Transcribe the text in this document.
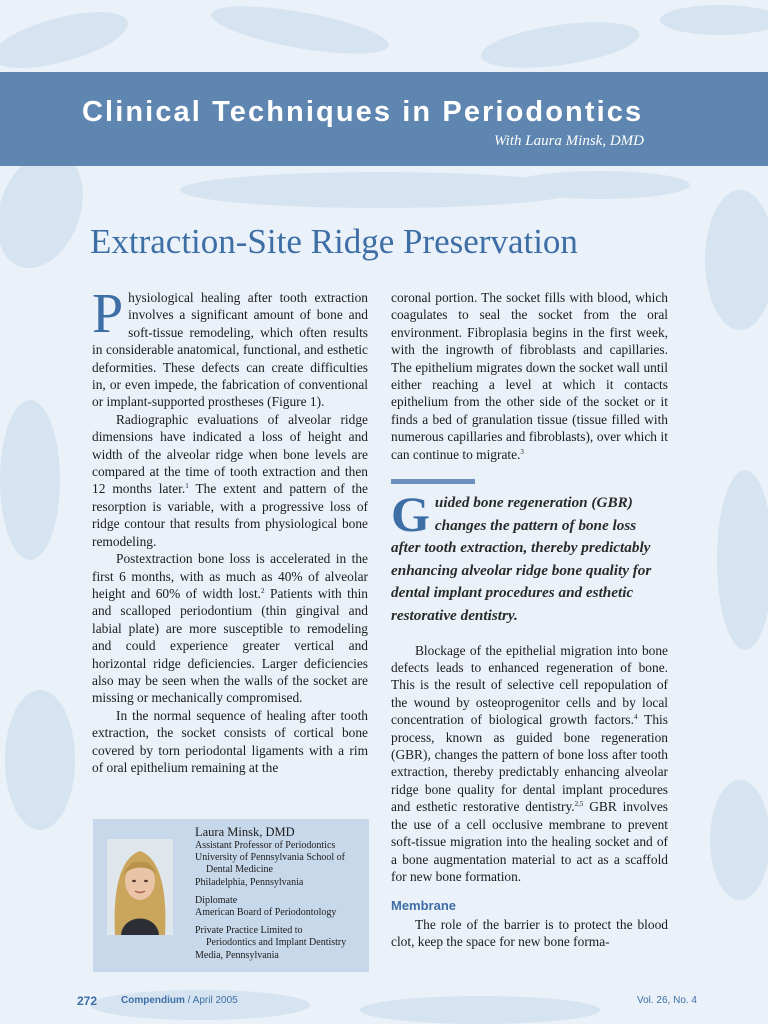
Clinical Techniques in Periodontics
With Laura Minsk, DMD
Extraction-Site Ridge Preservation

Physiological healing after tooth extraction involves a significant amount of bone and soft-tissue remodeling, which often results in considerable anatomical, functional, and esthetic deformities. These defects can create difficulties in, or even impede, the fabrication of conventional or implant-supported prostheses (Figure 1).

Radiographic evaluations of alveolar ridge dimensions have indicated a loss of height and width of the alveolar ridge when bone levels are compared at the time of tooth extraction and then 12 months later.$^1$ The extent and pattern of the resorption is variable, with a progressive loss of ridge contour that results from physiological bone remodeling.

Postextraction bone loss is accelerated in the first 6 months, with as much as 40% of alveolar height and 60% of width lost.$^2$ Patients with thin and scalloped periodontium (thin gingival and labial plate) are more susceptible to remodeling and could experience greater vertical and horizontal ridge deficiencies. Larger deficiencies also may be seen when the walls of the socket are missing or mechanically compromised.

In the normal sequence of healing after tooth extraction, the socket consists of cortical bone covered by torn periodontal ligaments with a rim of oral epithelium remaining at the

coronal portion. The socket fills with blood, which coagulates to seal the socket from the oral environment. Fibroplasia begins in the first week, with the ingrowth of fibroblasts and capillaries. The epithelium migrates down the socket wall until either reaching a level at which it contacts epithelium from the other side of the socket or it finds a bed of granulation tissue (tissue filled with numerous capillaries and fibroblasts), over which it can continue to migrate.$^3$

Guided bone regeneration (GBR) changes the pattern of bone loss after tooth extraction, thereby predictably enhancing alveolar ridge bone quality for dental implant procedures and esthetic restorative dentistry.

Blockage of the epithelial migration into bone defects leads to enhanced regeneration of bone. This is the result of selective cell repopulation of the wound by osteoprogenitor cells and by local concentration of biological growth factors.$^4$ This process, known as guided bone regeneration (GBR), changes the pattern of bone loss after tooth extraction, thereby predictably enhancing alveolar ridge bone quality for dental implant procedures and esthetic restorative dentistry.$^{2,5}$ GBR involves the use of a cell occlusive membrane to prevent soft-tissue migration into the healing socket and of a bone augmentation material to act as a scaffold for new bone formation.

Membrane

The role of the barrier is to protect the blood clot, keep the space for new bone forma-

Laura Minsk, DMD
Assistant Professor of Periodontics
University of Pennsylvania School of
Dental Medicine
Philadelphia, Pennsylvania
Diplomate
American Board of Periodontology
Private Practice Limited to
Periodontics and Implant Dentistry
Media, Pennsylvania
272 Compendium / April 2005	Vol. 26, No. 4
